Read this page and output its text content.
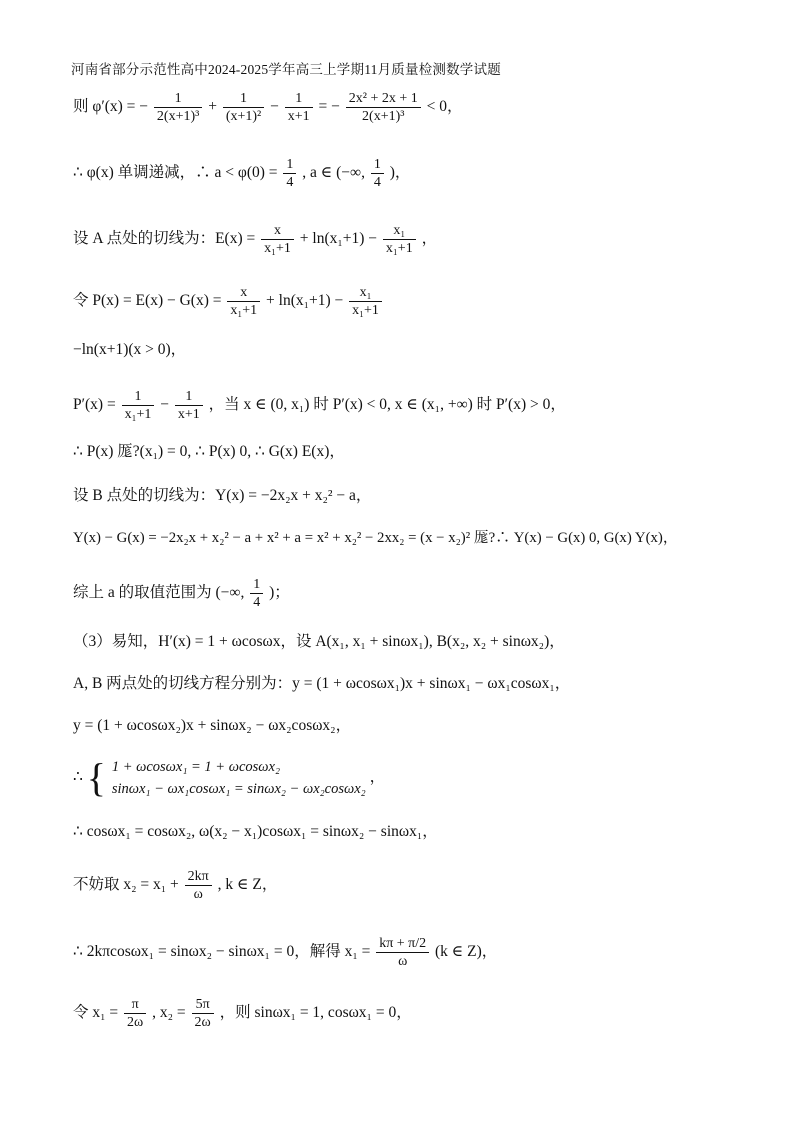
河南省部分示范性高中2024-2025学年高三上学期11月质量检测数学试题
则 φ′(x) = − $\frac{1}{\text{2(x+1)³}} + \frac{1}{\text{(x+1)²}} - \frac{1}{x+1}$ = − $\frac{\text{2x² + 2x + 1}}{\text{2(x+1)³}} < 0$，
∴ φ(x) 单调递减，∴ $a < \varphi(0) = \frac{1}{4}$ , a ∈ (−∞, $\frac{1}{4}$ )，
设 A 点处的切线为：$E(x) = \frac{x}{\text{x₁+1}} + \ln(x_1+1) - \frac{\text{x₁}}{\text{x₁+1}}$ ，
令 $P(x) = E(x) - G(x) = \frac{x}{\text{x₁+1}} + \ln(x_1+1) - \frac{\text{x₁}}{\text{x₁+1}}$
−ln(x+1)(x > 0)，
$P'(x) = \frac{1}{\text{x₁+1}} - \frac{1}{x+1}$ ，当 x ∈ (0, x₁) 时 P′(x) < 0, x ∈ (x₁, +∞) 时 P′(x) > 0，
∴ P(x) 厖?(x₁) = 0, ∴ P(x) 0, ∴ G(x) E(x)，
设 B 点处的切线为：Y(x) = −2x₂x + x₂² − a，
Y(x) − G(x) = −2x₂x + x₂² − a + x² + a = x² + x₂² − 2xx₂ = (x − x₂)² 厖?∴ Y(x) − G(x) 0, G(x) Y(x)，
综上 a 的取值范围为 (−∞, $\frac{1}{4}$ )；
（3）易知，H′(x) = 1 + ωcosωx，设 A(x₁, x₁ + sinωx₁), B(x₂, x₂ + sinωx₂)，
A, B 两点处的切线方程分别为：y = (1 + ωcosωx₁)x + sinωx₁ − ωx₁cosωx₁，
y = (1 + ωcosωx₂)x + sinωx₂ − ωx₂cosωx₂，
∴ { 1 + ωcosωx₁ = 1 + ωcosωx₂
sinωx₁ − ωx₁cosωx₁ = sinωx₂ − ωx₂cosωx₂
，
∴ cosωx₁ = cosωx₂, ω(x₂ − x₁)cosωx₁ = sinωx₂ − sinωx₁，
不妨取 $x_2 = x_1 + \frac{2k\pi}{\omega}$ , k ∈ Z，
∴ 2kπcosωx₁ = sinωx₂ − sinωx₁ = 0，解得 $x_1 = \frac{k\pi + \pi/2}{\omega} (k$ ∈ Z)，
令 $x_1 = \frac{\pi}{2\omega}$ , $x_2 = \frac{5\pi}{2\omega}$ ，则 sinωx₁ = 1, cosωx₁ = 0，
